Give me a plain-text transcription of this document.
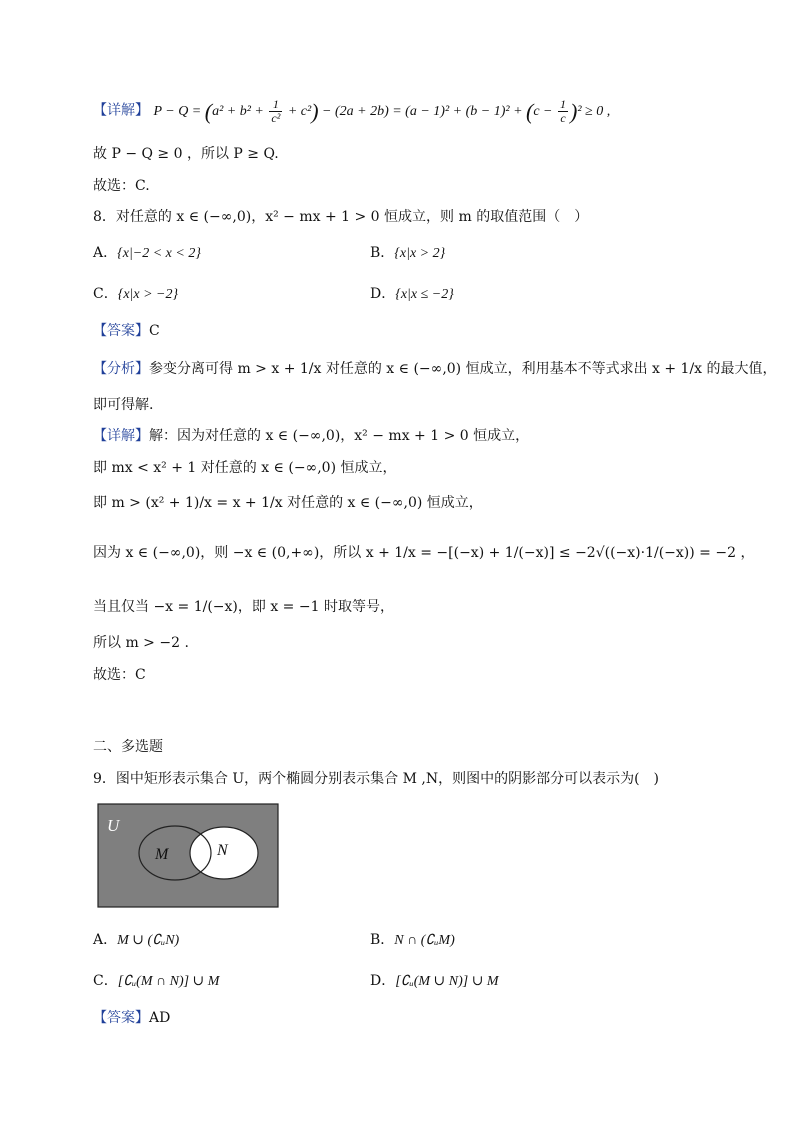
【详解】 $P - Q = (a^2 + b^2 + \frac{1}{\text{c²}} + c^2) - (2a + 2b) = (a - 1)^2 + (b - 1)^2 + (c - \frac{1}{c} )^2 \ge 0$ ,
故 P − Q ≥ 0 ，所以 P ≥ Q.
故选：C.
8．对任意的 x ∈ (−∞,0)，x² − mx + 1 > 0 恒成立，则 m 的取值范围（　）
A．{x|−2 < x < 2}	B．{x|x > 2}
C．{x|x > −2}	D．{x|x ≤ −2}
【答案】C
【分析】参变分离可得 m > x + 1/x 对任意的 x ∈ (−∞,0) 恒成立，利用基本不等式求出 x + 1/x 的最大值，
即可得解.
【详解】解：因为对任意的 x ∈ (−∞,0)，x² − mx + 1 > 0 恒成立，
即 mx < x² + 1 对任意的 x ∈ (−∞,0) 恒成立，
即 m > (x² + 1)/x = x + 1/x 对任意的 x ∈ (−∞,0) 恒成立，
因为 x ∈ (−∞,0)，则 −x ∈ (0,+∞)，所以 x + 1/x = −[(−x) + 1/(−x)] ≤ −2√((−x)·1/(−x)) = −2 ，
当且仅当 −x = 1/(−x)，即 x = −1 时取等号，
所以 m > −2 .
故选：C
二、多选题
9．图中矩形表示集合 U，两个椭圆分别表示集合 M ,N，则图中的阴影部分可以表示为(　)
U
M	N
A．M ∪ (∁ᵤN)	B．N ∩ (∁ᵤM)
C．[∁ᵤ(M ∩ N)] ∪ M	D．[∁ᵤ(M ∪ N)] ∪ M
【答案】AD
